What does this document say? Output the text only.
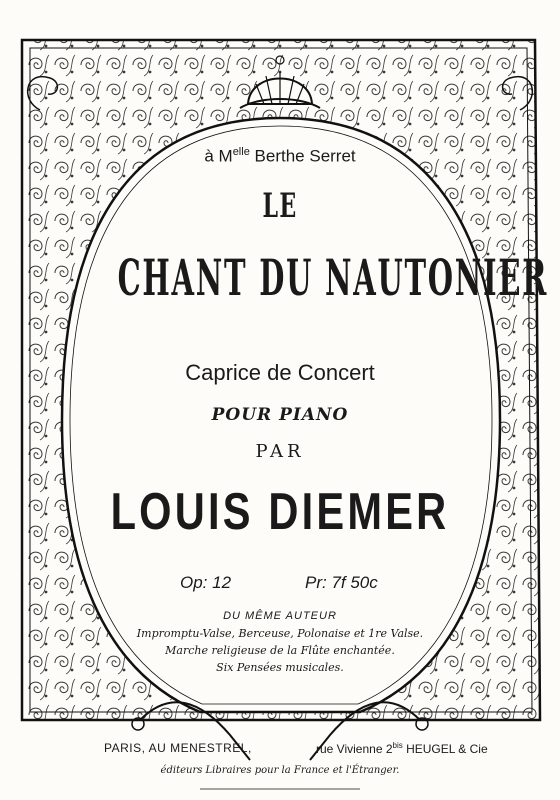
à $M^{elle}$ Berthe Serret
LE
CHANT DU NAUTONIER
Caprice de Concert
POUR PIANO
PAR
LOUIS DIEMER
Op: 12	Pr: 7f 50c
DU MÊME AUTEUR
Impromptu-Valse, Berceuse, Polonaise et 1re Valse.
Marche religieuse de la Flûte enchantée.
Six Pensées musicales.
PARIS, AU MENESTREL,	rue Vivienne $2^{bis}$ HEUGEL & Cie
éditeurs Libraires pour la France et l'Étranger.
